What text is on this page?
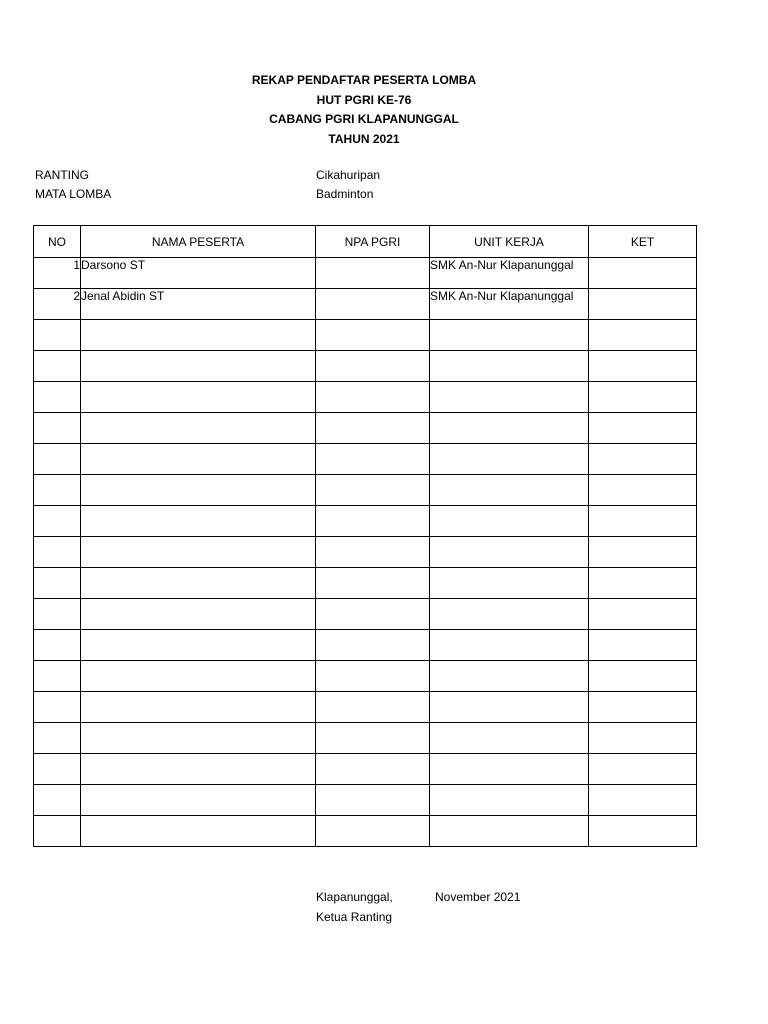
REKAP PENDAFTAR PESERTA LOMBA
HUT PGRI KE-76
CABANG PGRI KLAPANUNGGAL
TAHUN 2021
RANTING	Cikahuripan
MATA LOMBA	Badminton
NO	NAMA PESERTA	NPA PGRI	UNIT KERJA	KET
1	Darsono ST		SMK An-Nur Klapanunggal	
2	Jenal Abidin ST		SMK An-Nur Klapanunggal	

Klapanunggal,	November 2021
Ketua Ranting
